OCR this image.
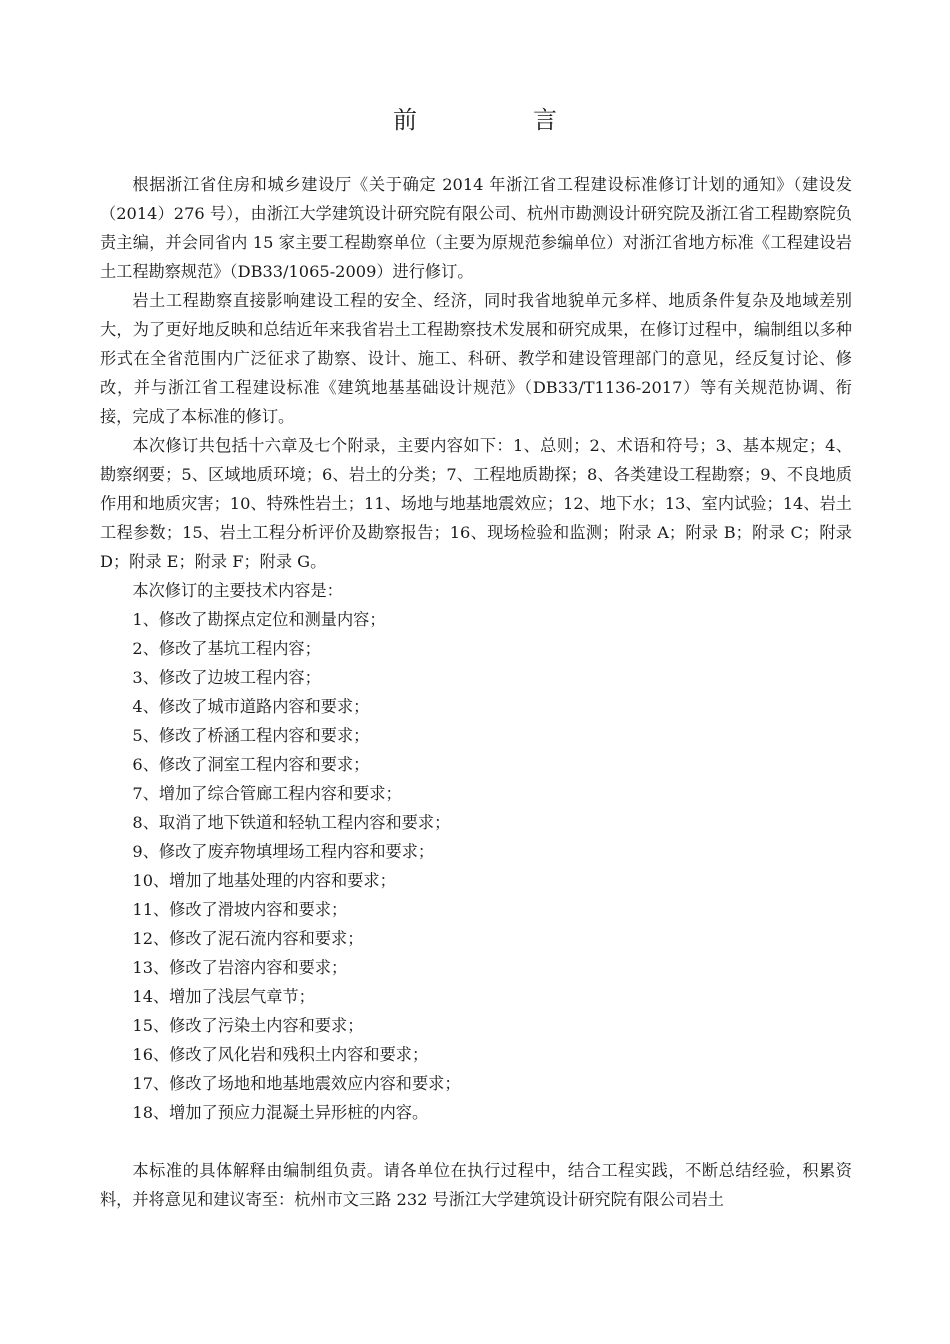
前　言

根据浙江省住房和城乡建设厅《关于确定 2014 年浙江省工程建设标准修订计划的通知》（建设发（2014）276 号），由浙江大学建筑设计研究院有限公司、杭州市勘测设计研究院及浙江省工程勘察院负责主编，并会同省内 15 家主要工程勘察单位（主要为原规范参编单位）对浙江省地方标准《工程建设岩土工程勘察规范》（DB33/1065-2009）进行修订。

岩土工程勘察直接影响建设工程的安全、经济，同时我省地貌单元多样、地质条件复杂及地域差别大，为了更好地反映和总结近年来我省岩土工程勘察技术发展和研究成果，在修订过程中，编制组以多种形式在全省范围内广泛征求了勘察、设计、施工、科研、教学和建设管理部门的意见，经反复讨论、修改，并与浙江省工程建设标准《建筑地基基础设计规范》（DB33/T1136-2017）等有关规范协调、衔接，完成了本标准的修订。

本次修订共包括十六章及七个附录，主要内容如下：1、总则；2、术语和符号；3、基本规定；4、勘察纲要；5、区域地质环境；6、岩土的分类；7、工程地质勘探；8、各类建设工程勘察；9、不良地质作用和地质灾害；10、特殊性岩土；11、场地与地基地震效应；12、地下水；13、室内试验；14、岩土工程参数；15、岩土工程分析评价及勘察报告；16、现场检验和监测；附录 A；附录 B；附录 C；附录 D；附录 E；附录 F；附录 G。

本次修订的主要技术内容是：

1、修改了勘探点定位和测量内容；
2、修改了基坑工程内容；
3、修改了边坡工程内容；
4、修改了城市道路内容和要求；
5、修改了桥涵工程内容和要求；
6、修改了洞室工程内容和要求；
7、增加了综合管廊工程内容和要求；
8、取消了地下铁道和轻轨工程内容和要求；
9、修改了废弃物填埋场工程内容和要求；
10、增加了地基处理的内容和要求；
11、修改了滑坡内容和要求；
12、修改了泥石流内容和要求；
13、修改了岩溶内容和要求；
14、增加了浅层气章节；
15、修改了污染土内容和要求；
16、修改了风化岩和残积土内容和要求；
17、修改了场地和地基地震效应内容和要求；
18、增加了预应力混凝土异形桩的内容。

本标准的具体解释由编制组负责。请各单位在执行过程中，结合工程实践，不断总结经验，积累资料，并将意见和建议寄至：杭州市文三路 232 号浙江大学建筑设计研究院有限公司岩土
